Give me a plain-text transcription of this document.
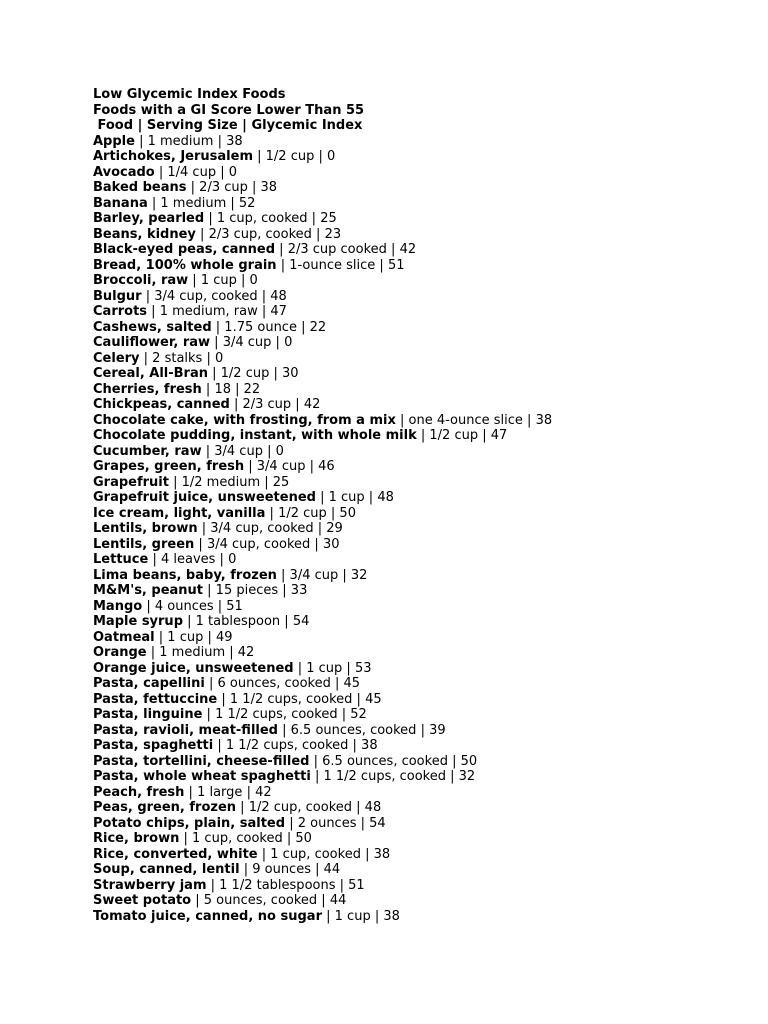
Low Glycemic Index Foods
Foods with a GI Score Lower Than 55
Food | Serving Size | Glycemic Index
Apple | 1 medium | 38
Artichokes, Jerusalem | 1/2 cup | 0
Avocado | 1/4 cup | 0
Baked beans | 2/3 cup | 38
Banana | 1 medium | 52
Barley, pearled | 1 cup, cooked | 25
Beans, kidney | 2/3 cup, cooked | 23
Black-eyed peas, canned | 2/3 cup cooked | 42
Bread, 100% whole grain | 1-ounce slice | 51
Broccoli, raw | 1 cup | 0
Bulgur | 3/4 cup, cooked | 48
Carrots | 1 medium, raw | 47
Cashews, salted | 1.75 ounce | 22
Cauliflower, raw | 3/4 cup | 0
Celery | 2 stalks | 0
Cereal, All-Bran | 1/2 cup | 30
Cherries, fresh | 18 | 22
Chickpeas, canned | 2/3 cup | 42
Chocolate cake, with frosting, from a mix | one 4-ounce slice | 38
Chocolate pudding, instant, with whole milk | 1/2 cup | 47
Cucumber, raw | 3/4 cup | 0
Grapes, green, fresh | 3/4 cup | 46
Grapefruit | 1/2 medium | 25
Grapefruit juice, unsweetened | 1 cup | 48
Ice cream, light, vanilla | 1/2 cup | 50
Lentils, brown | 3/4 cup, cooked | 29
Lentils, green | 3/4 cup, cooked | 30
Lettuce | 4 leaves | 0
Lima beans, baby, frozen | 3/4 cup | 32
M&M's, peanut | 15 pieces | 33
Mango | 4 ounces | 51
Maple syrup | 1 tablespoon | 54
Oatmeal | 1 cup | 49
Orange | 1 medium | 42
Orange juice, unsweetened | 1 cup | 53
Pasta, capellini | 6 ounces, cooked | 45
Pasta, fettuccine | 1 1/2 cups, cooked | 45
Pasta, linguine | 1 1/2 cups, cooked | 52
Pasta, ravioli, meat-filled | 6.5 ounces, cooked | 39
Pasta, spaghetti | 1 1/2 cups, cooked | 38
Pasta, tortellini, cheese-filled | 6.5 ounces, cooked | 50
Pasta, whole wheat spaghetti | 1 1/2 cups, cooked | 32
Peach, fresh | 1 large | 42
Peas, green, frozen | 1/2 cup, cooked | 48
Potato chips, plain, salted | 2 ounces | 54
Rice, brown | 1 cup, cooked | 50
Rice, converted, white | 1 cup, cooked | 38
Soup, canned, lentil | 9 ounces | 44
Strawberry jam | 1 1/2 tablespoons | 51
Sweet potato | 5 ounces, cooked | 44
Tomato juice, canned, no sugar | 1 cup | 38
